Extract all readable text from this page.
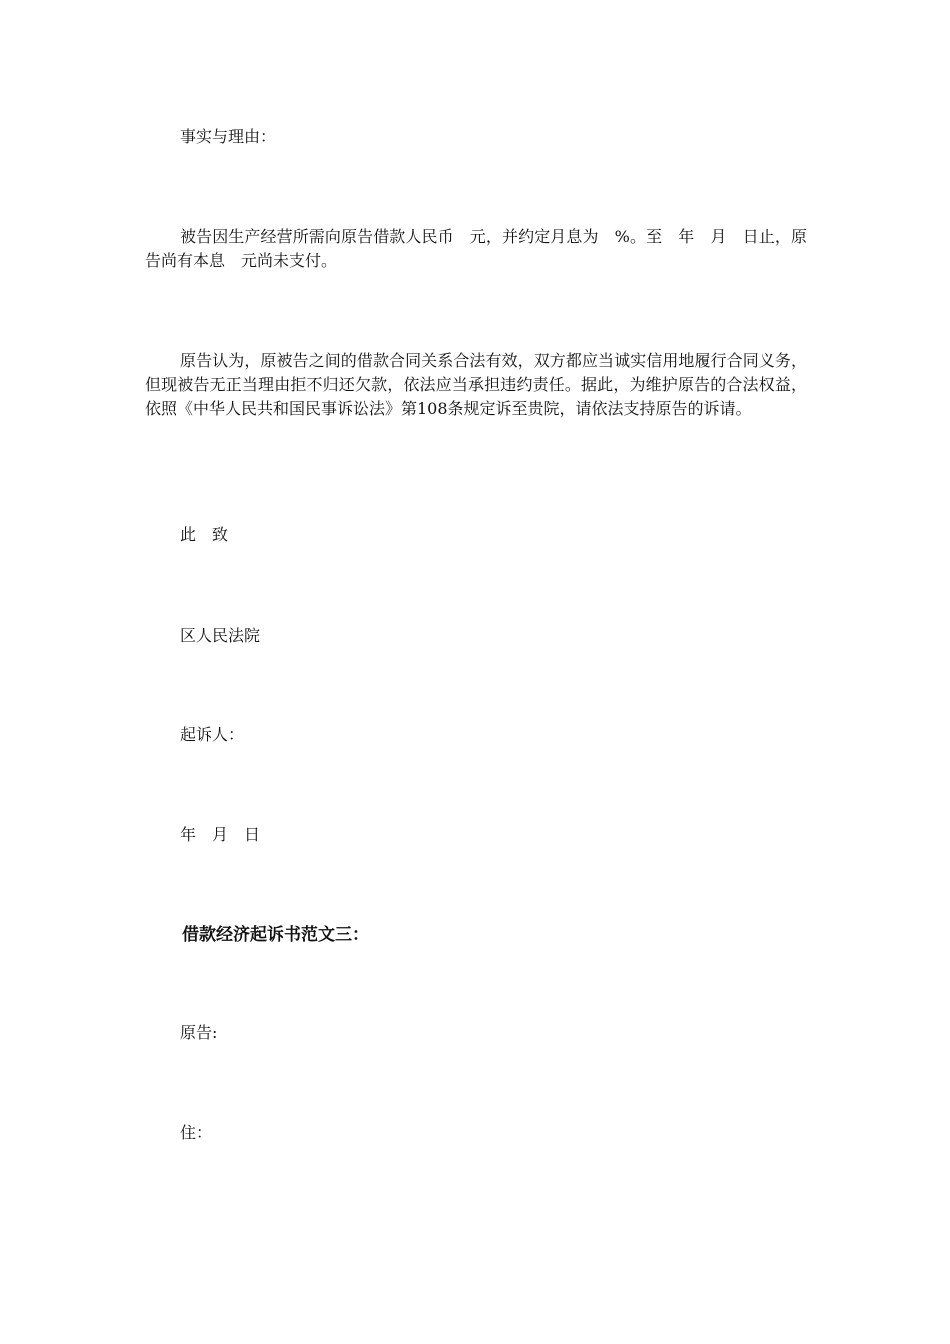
事实与理由：
被告因生产经营所需向原告借款人民币　元，并约定月息为　%。至　年　月　日止，原告尚有本息　元尚未支付。
原告认为，原被告之间的借款合同关系合法有效，双方都应当诚实信用地履行合同义务，但现被告无正当理由拒不归还欠款，依法应当承担违约责任。据此，为维护原告的合法权益，依照《中华人民共和国民事诉讼法》第108条规定诉至贵院，请依法支持原告的诉请。
此　致
区人民法院
起诉人：
年　月　日
借款经济起诉书范文三：
原告:
住：
